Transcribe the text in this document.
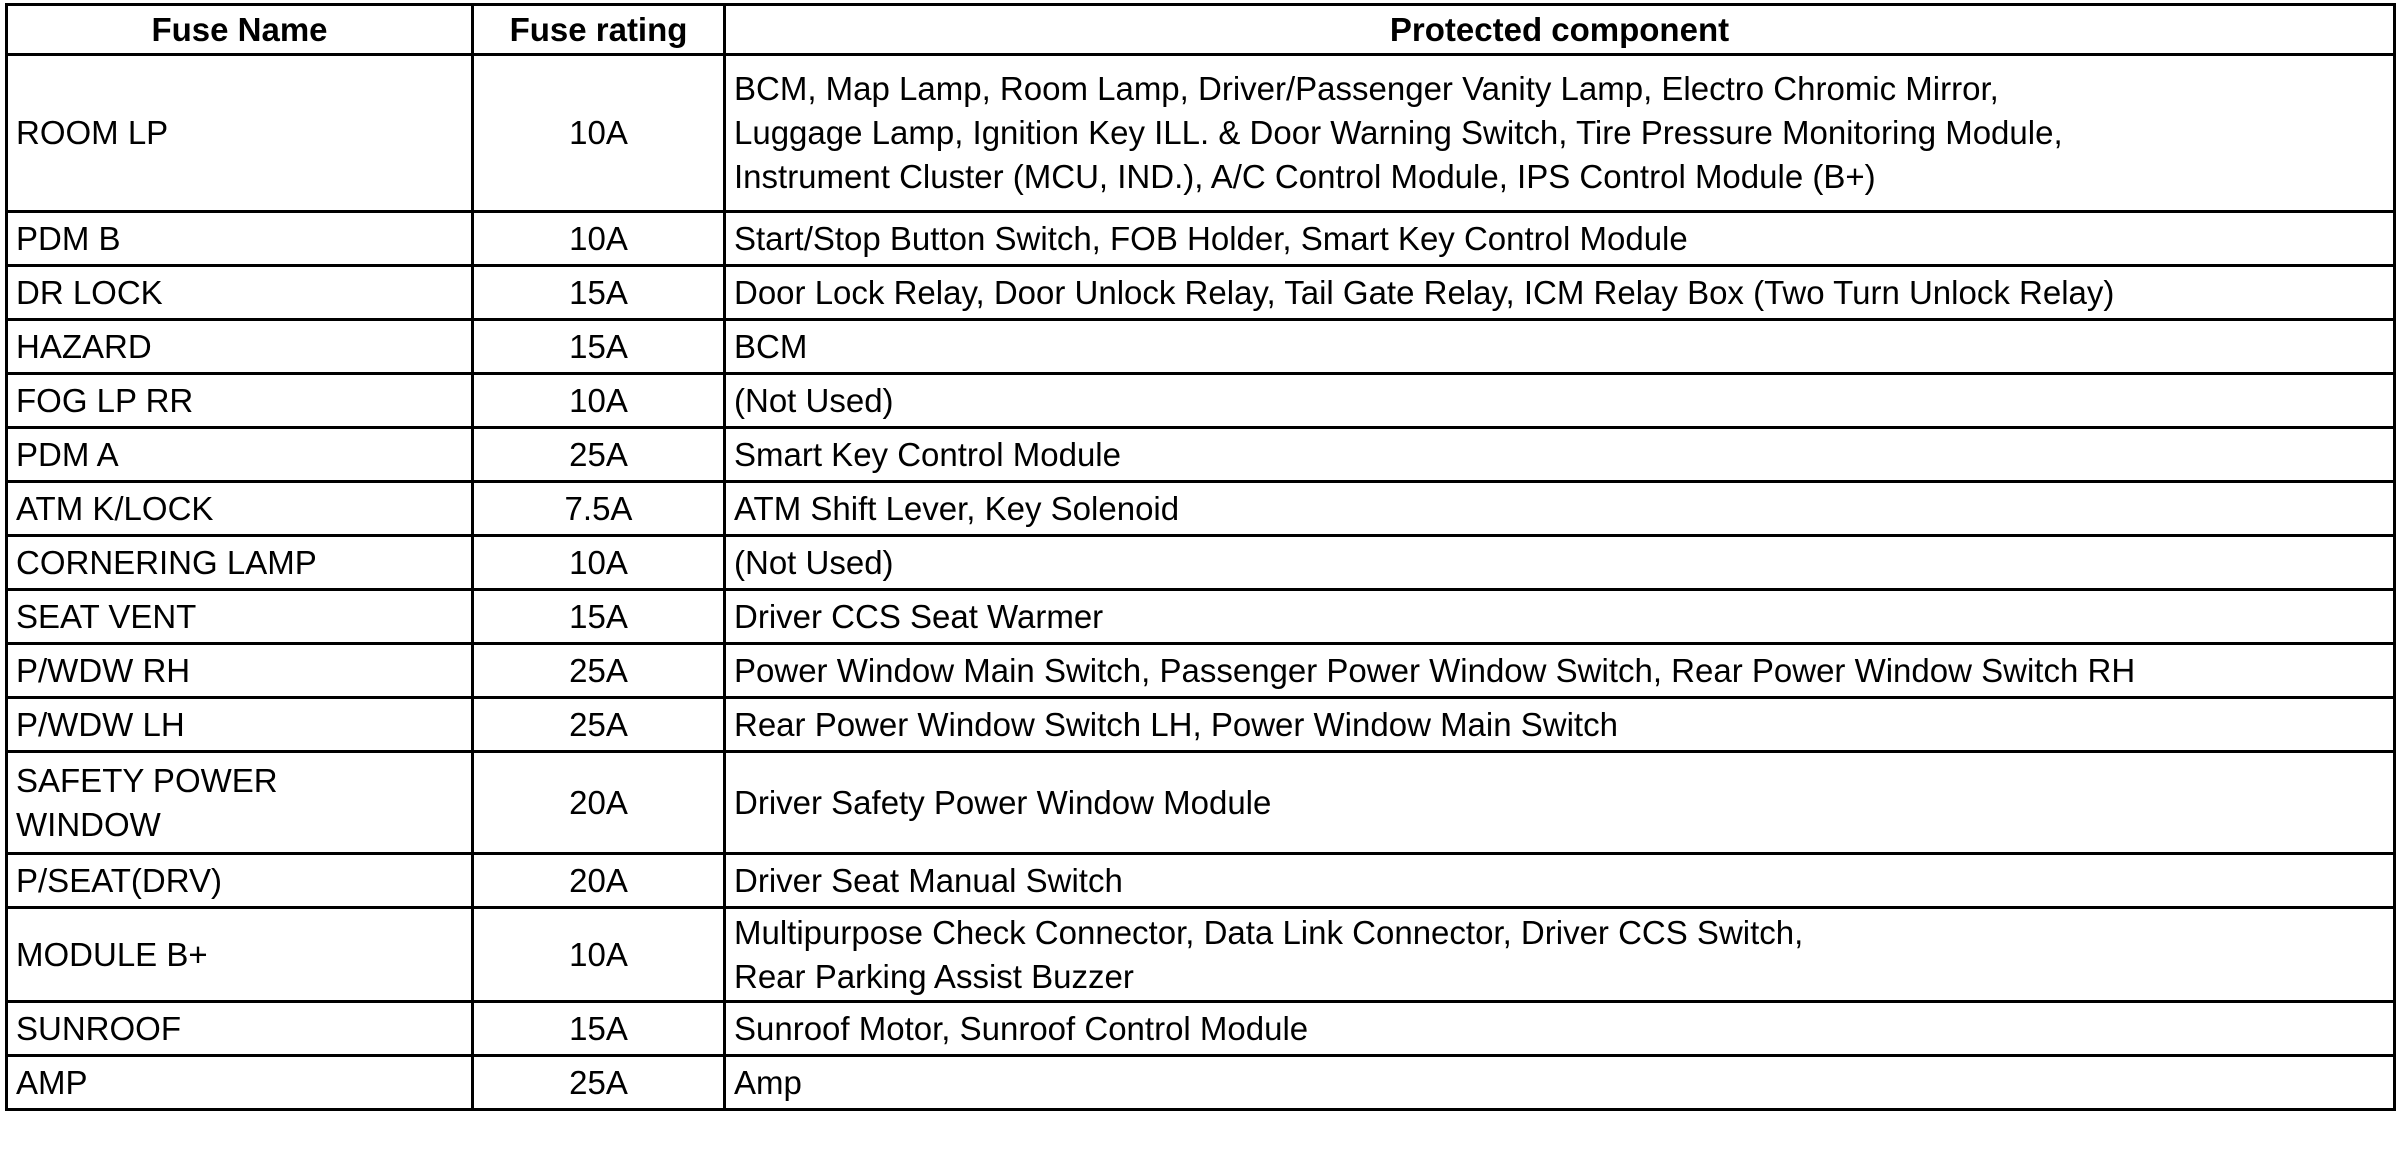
Fuse Name	Fuse rating	Protected component

ROOM LP	10A	BCM, Map Lamp, Room Lamp, Driver/Passenger Vanity Lamp, Electro Chromic Mirror,
Luggage Lamp, Ignition Key ILL. & Door Warning Switch, Tire Pressure Monitoring Module,
Instrument Cluster (MCU, IND.), A/C Control Module, IPS Control Module (B+)

PDM B	10A	Start/Stop Button Switch, FOB Holder, Smart Key Control Module

DR LOCK	15A	Door Lock Relay, Door Unlock Relay, Tail Gate Relay, ICM Relay Box (Two Turn Unlock Relay)

HAZARD	15A	BCM

FOG LP RR	10A	(Not Used)

PDM A	25A	Smart Key Control Module

ATM K/LOCK	7.5A	ATM Shift Lever, Key Solenoid

CORNERING LAMP	10A	(Not Used)

SEAT VENT	15A	Driver CCS Seat Warmer

P/WDW RH	25A	Power Window Main Switch, Passenger Power Window Switch, Rear Power Window Switch RH

P/WDW LH	25A	Rear Power Window Switch LH, Power Window Main Switch

SAFETY POWER
WINDOW	20A	Driver Safety Power Window Module

P/SEAT(DRV)	20A	Driver Seat Manual Switch

MODULE B+	10A	Multipurpose Check Connector, Data Link Connector, Driver CCS Switch,
Rear Parking Assist Buzzer

SUNROOF	15A	Sunroof Motor, Sunroof Control Module

AMP	25A	Amp
